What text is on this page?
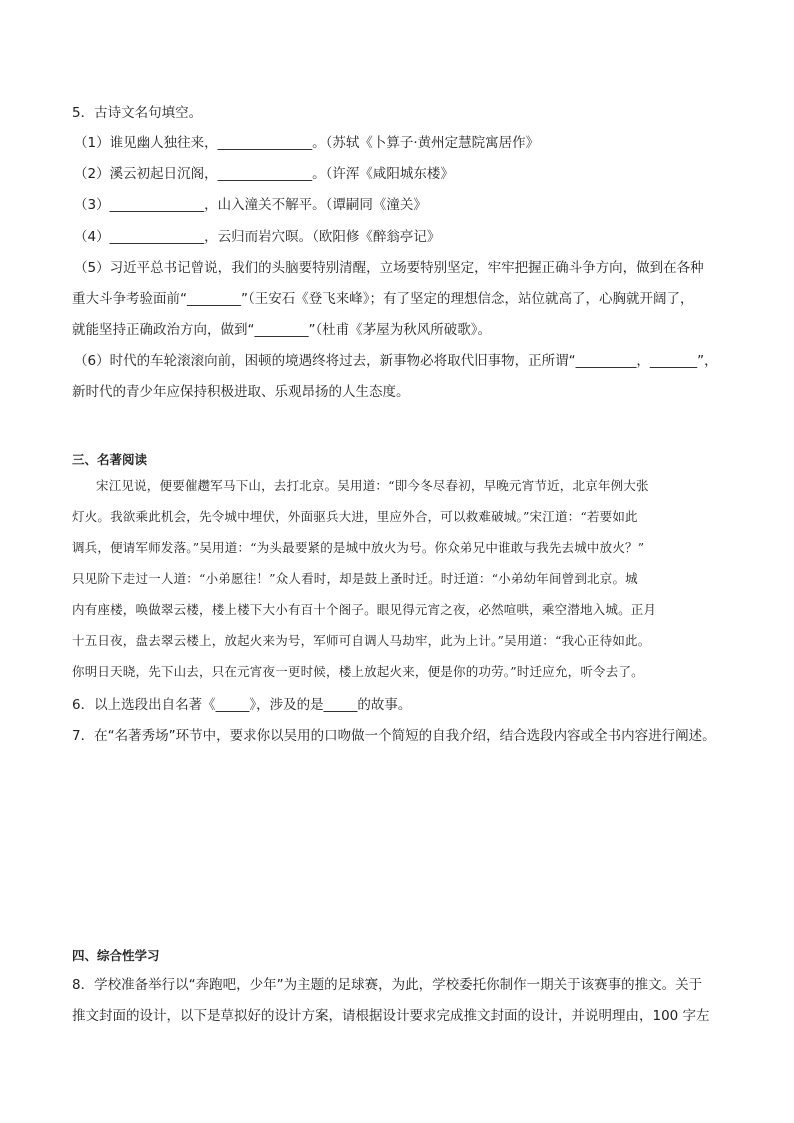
5．古诗文名句填空。
（1）谁见幽人独往来，______________。（苏轼《卜算子·黄州定慧院寓居作》
（2）溪云初起日沉阁，______________。（许浑《咸阳城东楼》
（3）______________，山入潼关不解平。（谭嗣同《潼关》
（4）______________，云归而岩穴暝。（欧阳修《醉翁亭记》
（5）习近平总书记曾说，我们的头脑要特别清醒，立场要特别坚定，牢牢把握正确斗争方向，做到在各种
重大斗争考验面前“________”（王安石《登飞来峰》；有了坚定的理想信念，站位就高了，心胸就开阔了，
就能坚持正确政治方向，做到“________”（杜甫《茅屋为秋风所破歌》。
（6）时代的车轮滚滚向前，困顿的境遇终将过去，新事物必将取代旧事物，正所谓“_________，_______”，
新时代的青少年应保持积极进取、乐观昂扬的人生态度。
三、名著阅读
宋江见说，便要催趱军马下山，去打北京。吴用道：“即今冬尽春初，早晚元宵节近，北京年例大张
灯火。我欲乘此机会，先令城中埋伏，外面驱兵大进，里应外合，可以救难破城。”宋江道：“若要如此
调兵，便请军师发落。”吴用道：“为头最要紧的是城中放火为号。你众弟兄中谁敢与我先去城中放火？”
只见阶下走过一人道：“小弟愿往！”众人看时，却是鼓上蚤时迁。时迁道：“小弟幼年间曾到北京。城
内有座楼，唤做翠云楼，楼上楼下大小有百十个阁子。眼见得元宵之夜，必然喧哄，乘空潜地入城。正月
十五日夜，盘去翠云楼上，放起火来为号，军师可自调人马劫牢，此为上计。”吴用道：“我心正待如此。
你明日天晓，先下山去，只在元宵夜一更时候，楼上放起火来，便是你的功劳。”时迁应允，听令去了。
6．以上选段出自名著《_____》，涉及的是_____的故事。
7．在“名著秀场”环节中，要求你以吴用的口吻做一个简短的自我介绍，结合选段内容或全书内容进行阐述。
四、综合性学习
8．学校准备举行以“奔跑吧，少年”为主题的足球赛，为此，学校委托你制作一期关于该赛事的推文。关于
推文封面的设计，以下是草拟好的设计方案，请根据设计要求完成推文封面的设计，并说明理由，100 字左
